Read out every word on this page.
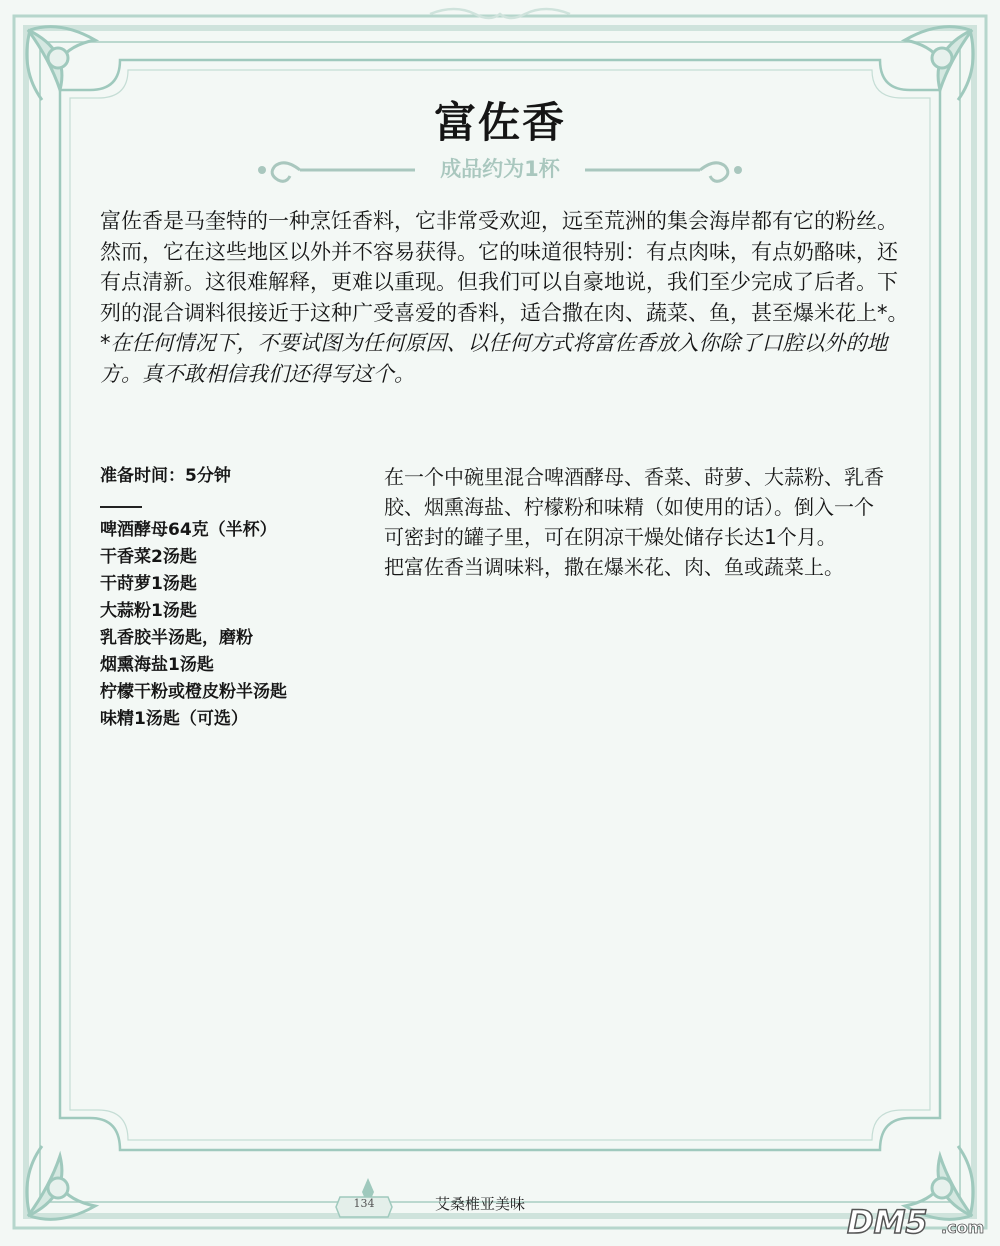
富佐香
成品约为1杯

富佐香是马奎特的一种烹饪香料，它非常受欢迎，远至荒洲的集会海岸都有它的粉丝。然而，它在这些地区以外并不容易获得。它的味道很特别：有点肉味，有点奶酪味，还有点清新。这很难解释，更难以重现。但我们可以自豪地说，我们至少完成了后者。下列的混合调料很接近于这种广受喜爱的香料，适合撒在肉、蔬菜、鱼，甚至爆米花上*。

*在任何情况下，不要试图为任何原因、以任何方式将富佐香放入你除了口腔以外的地方。真不敢相信我们还得写这个。

准备时间：5分钟

啤酒酵母64克（半杯）
干香菜2汤匙
干莳萝1汤匙
大蒜粉1汤匙
乳香胶半汤匙，磨粉
烟熏海盐1汤匙
柠檬干粉或橙皮粉半汤匙
味精1汤匙（可选）

在一个中碗里混合啤酒酵母、香菜、莳萝、大蒜粉、乳香胶、烟熏海盐、柠檬粉和味精（如使用的话）。倒入一个可密封的罐子里，可在阴凉干燥处储存长达1个月。

把富佐香当调味料，撒在爆米花、肉、鱼或蔬菜上。

134	艾桑椎亚美味	DM5 .com
